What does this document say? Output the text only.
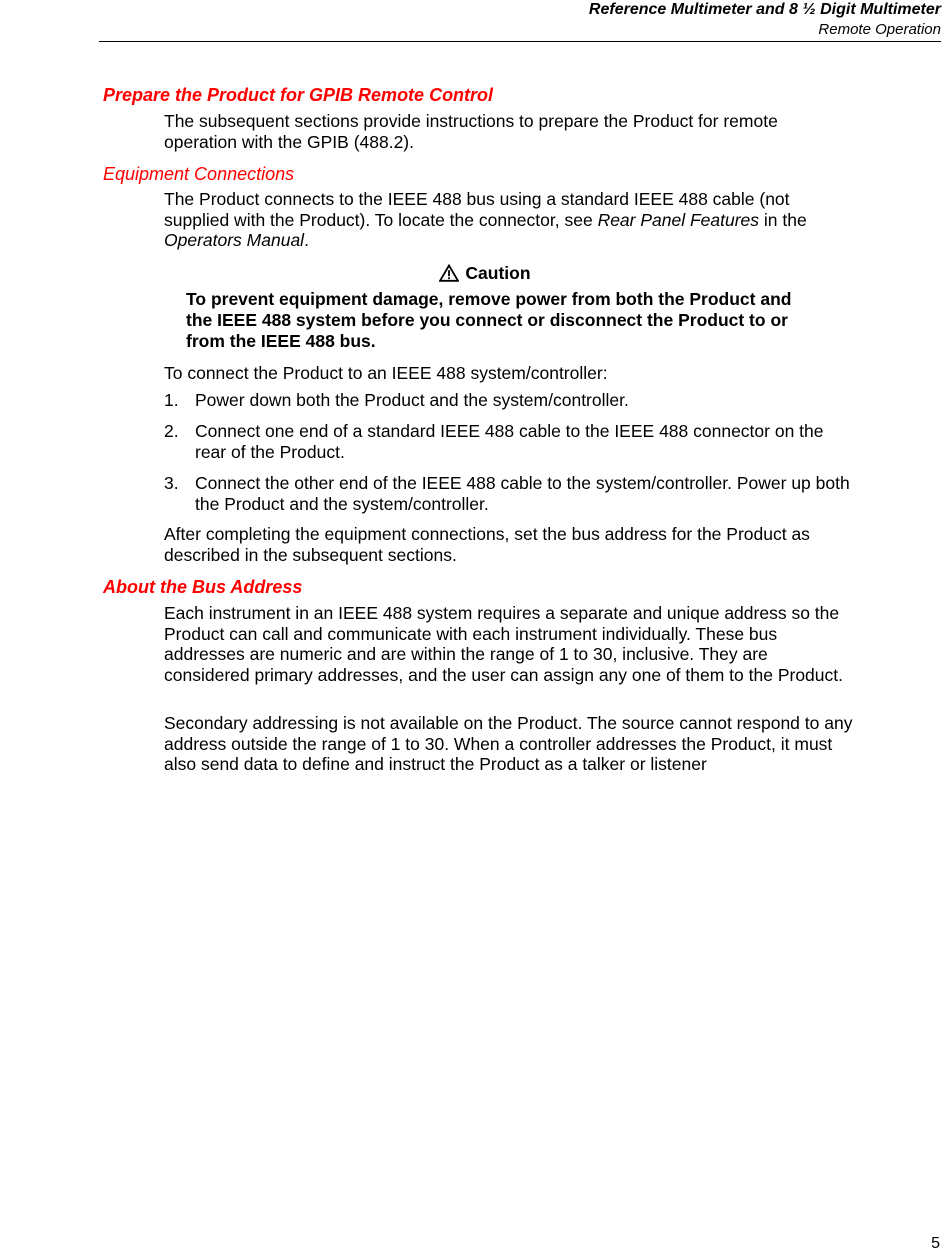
Reference Multimeter and 8 ½ Digit Multimeter
Remote Operation
Prepare the Product for GPIB Remote Control

The subsequent sections provide instructions to prepare the Product for remote operation with the GPIB (488.2).

Equipment Connections

The Product connects to the IEEE 488 bus using a standard IEEE 488 cable (not supplied with the Product). To locate the connector, see Rear Panel Features in the Operators Manual.

Caution
To prevent equipment damage, remove power from both the Product and the IEEE 488 system before you connect or disconnect the Product to or from the IEEE 488 bus.
To connect the Product to an IEEE 488 system/controller:
1. Power down both the Product and the system/controller.
2. Connect one end of a standard IEEE 488 cable to the IEEE 488 connector on the rear of the Product.
3. Connect the other end of the IEEE 488 cable to the system/controller. Power up both the Product and the system/controller.
After completing the equipment connections, set the bus address for the Product as described in the subsequent sections.
About the Bus Address
Each instrument in an IEEE 488 system requires a separate and unique address so the Product can call and communicate with each instrument individually. These bus addresses are numeric and are within the range of 1 to 30, inclusive. They are considered primary addresses, and the user can assign any one of them to the Product.
Secondary addressing is not available on the Product. The source cannot respond to any address outside the range of 1 to 30. When a controller addresses the Product, it must also send data to define and instruct the Product as a talker or listener
5
